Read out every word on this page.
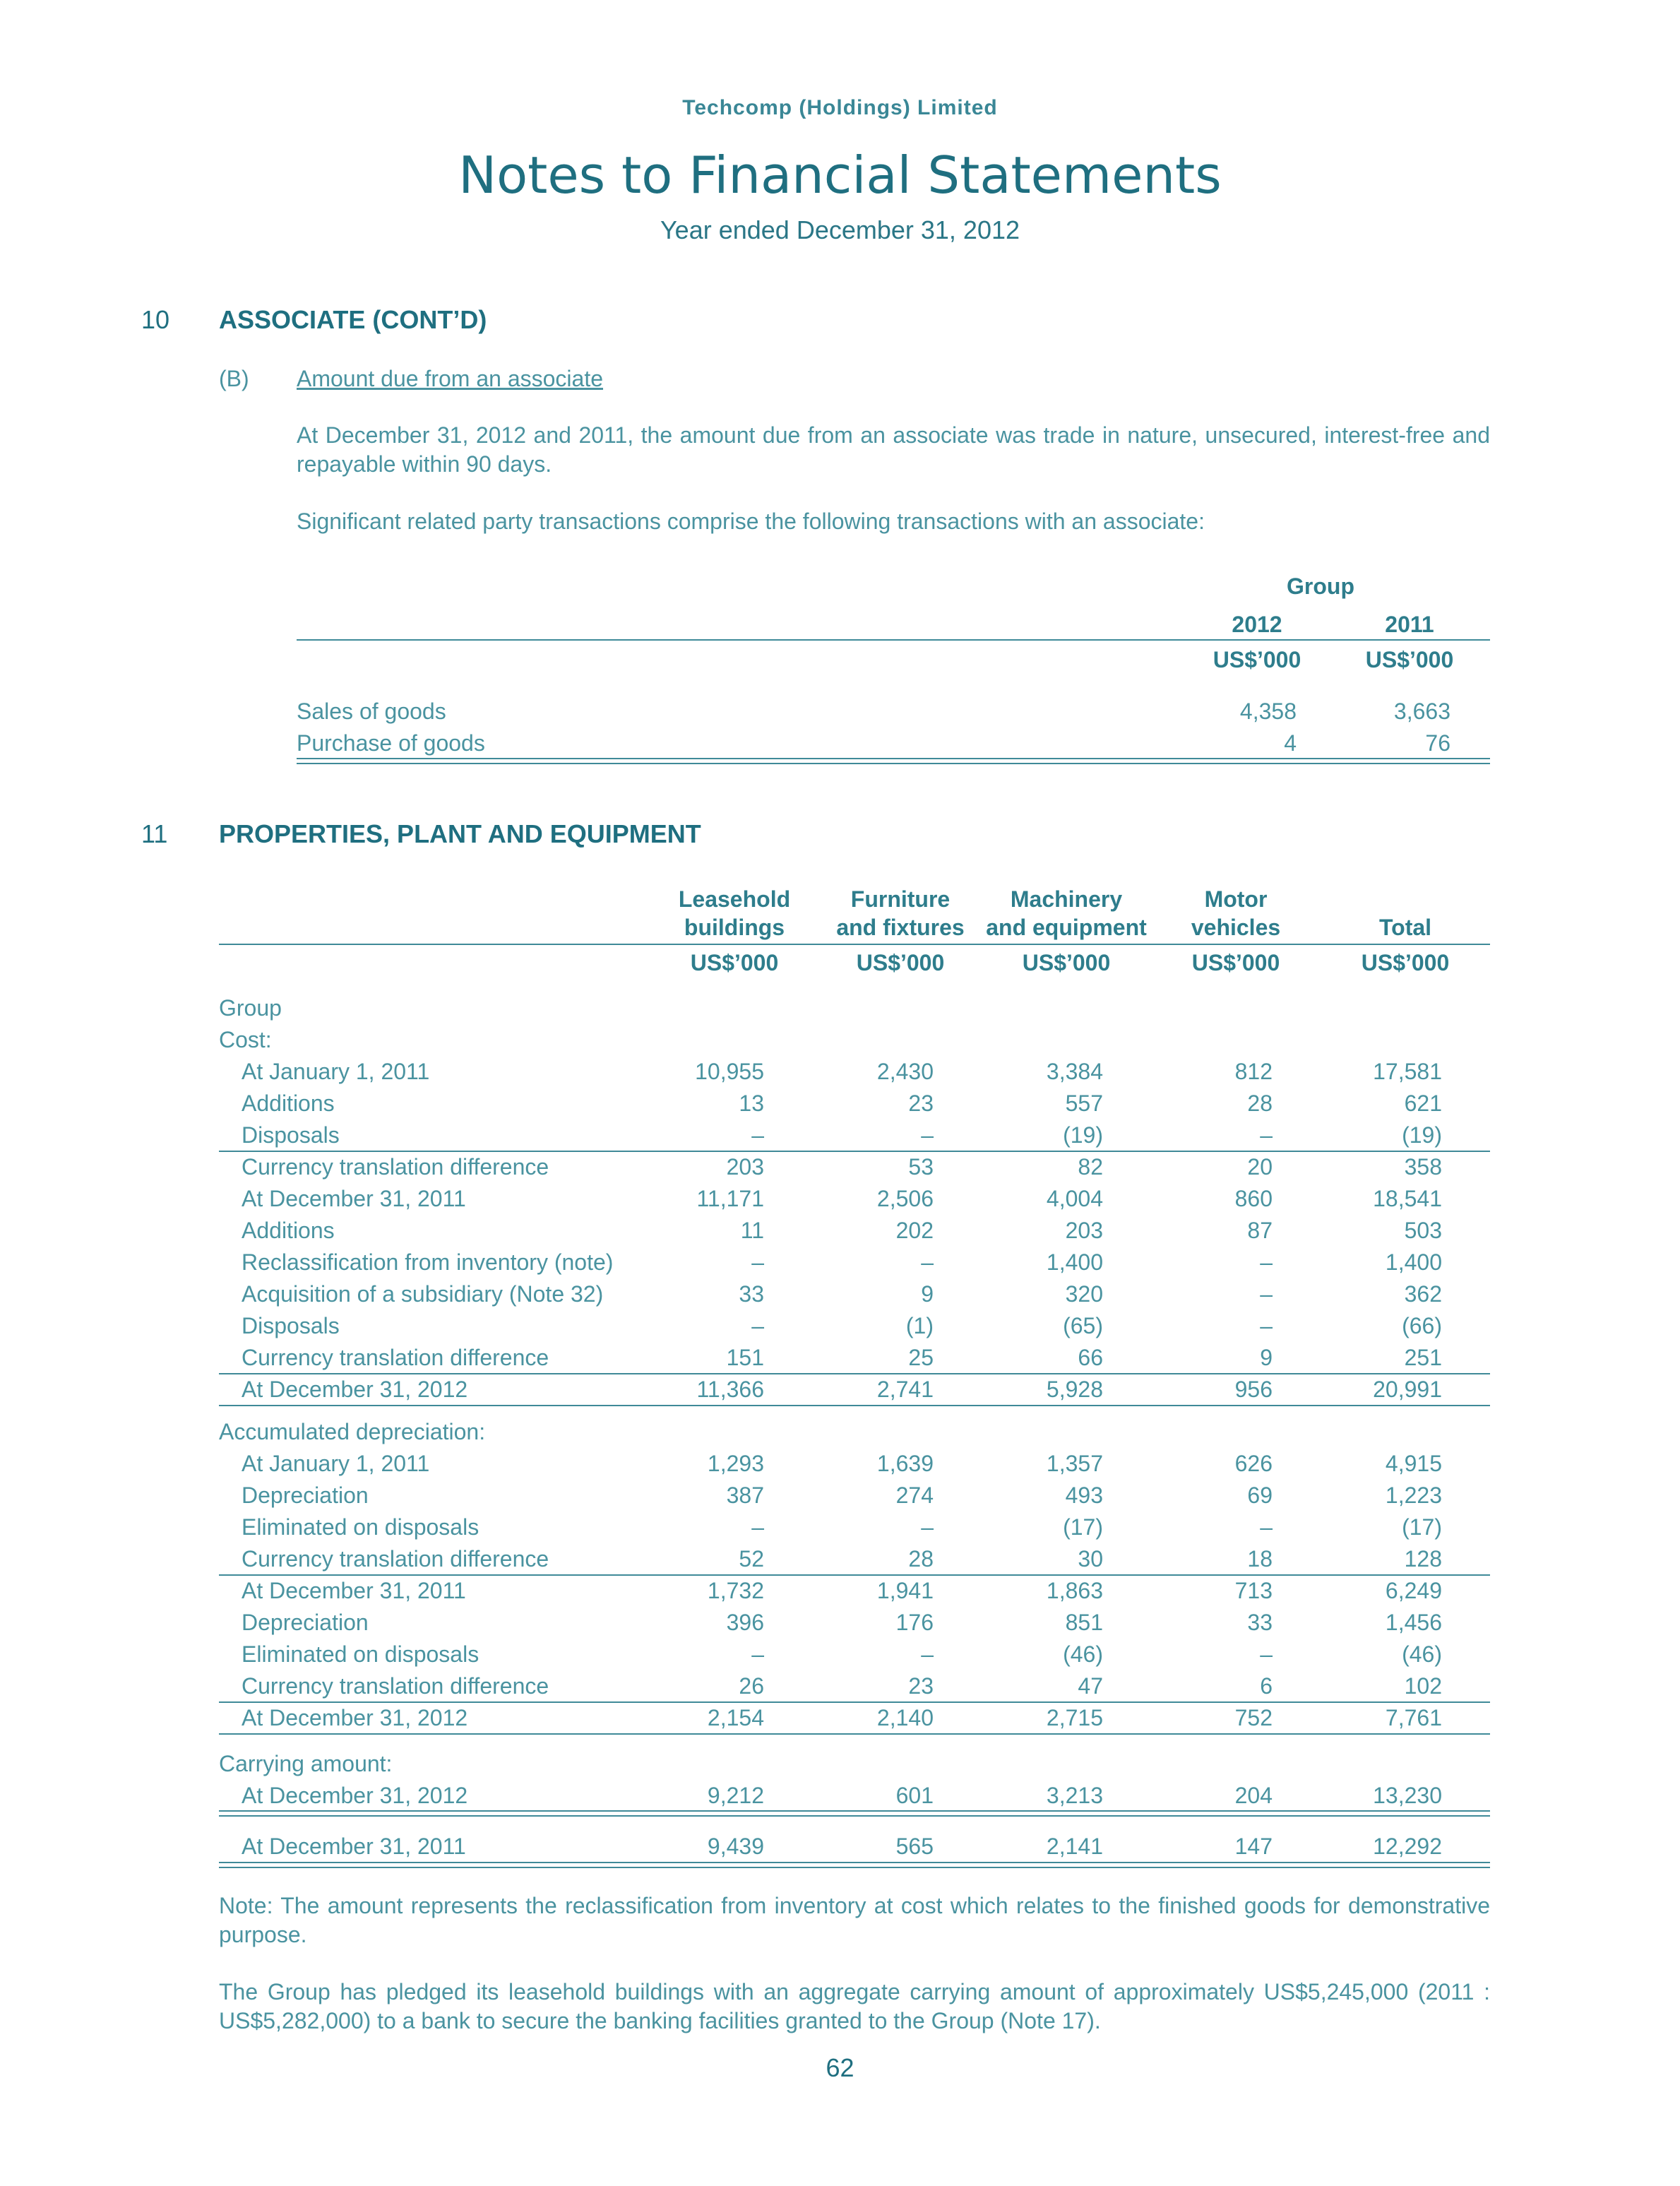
Techcomp (Holdings) Limited
Notes to Financial Statements
Year ended December 31, 2012
10 ASSOCIATE (CONT’D)
(B) Amount due from an associate
At December 31, 2012 and 2011, the amount due from an associate was trade in nature, unsecured, interest-free and repayable within 90 days.
Significant related party transactions comprise the following transactions with an associate:
Group
2012	2011
US$’000	US$’000
Sales of goods	4,358	3,663
Purchase of goods	4	76
11 PROPERTIES, PLANT AND EQUIPMENT
Leasehold
buildings
Furniture
and fixtures
Machinery
and equipment
Motor
vehicles	Total
US$’000	US$’000	US$’000	US$’000	US$’000
Group
Cost:
At January 1, 2011	10,955	2,430	3,384	812	17,581
Additions	13	23	557	28	621
Disposals	–	–	(19)	–	(19)
Currency translation difference	203	53	82	20	358
At December 31, 2011	11,171	2,506	4,004	860	18,541
Additions	11	202	203	87	503
Reclassification from inventory (note)	–	–	1,400	–	1,400
Acquisition of a subsidiary (Note 32)	33	9	320	–	362
Disposals	–	(1)	(65)	–	(66)
Currency translation difference	151	25	66	9	251
At December 31, 2012	11,366	2,741	5,928	956	20,991
Accumulated depreciation:
At January 1, 2011	1,293	1,639	1,357	626	4,915
Depreciation	387	274	493	69	1,223
Eliminated on disposals	–	–	(17)	–	(17)
Currency translation difference	52	28	30	18	128
At December 31, 2011	1,732	1,941	1,863	713	6,249
Depreciation	396	176	851	33	1,456
Eliminated on disposals	–	–	(46)	–	(46)
Currency translation difference	26	23	47	6	102
At December 31, 2012	2,154	2,140	2,715	752	7,761
Carrying amount:
At December 31, 2012	9,212	601	3,213	204	13,230
At December 31, 2011	9,439	565	2,141	147	12,292
Note: The amount represents the reclassification from inventory at cost which relates to the finished goods for demonstrative purpose.
The Group has pledged its leasehold buildings with an aggregate carrying amount of approximately US$5,245,000 (2011 : US$5,282,000) to a bank to secure the banking facilities granted to the Group (Note 17).
62
